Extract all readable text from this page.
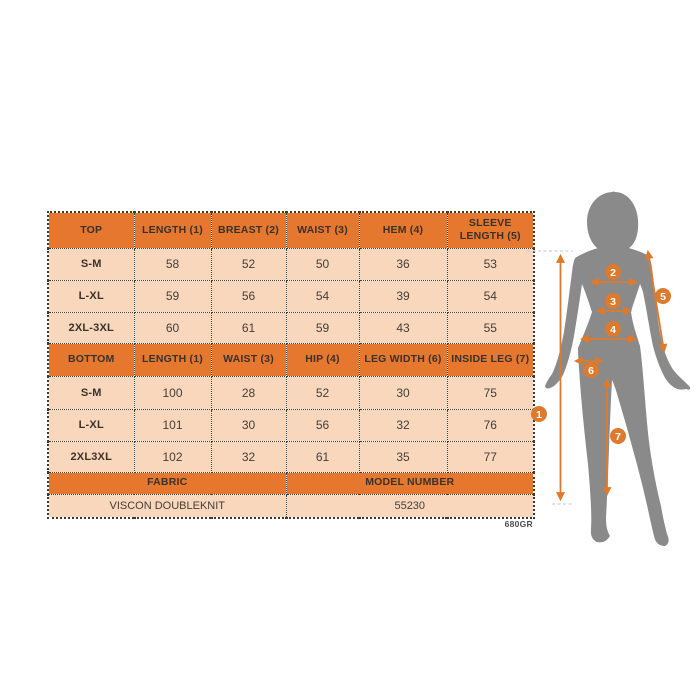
TOP	LENGTH (1)	BREAST (2)	WAIST (3)	HEM (4)	SLEEVE LENGTH (5)
S-M	58	52	50	36	53
L-XL	59	56	54	39	54
2XL-3XL	60	61	59	43	55
BOTTOM	LENGTH (1)	WAIST (3)	HIP (4)	LEG WIDTH (6)	INSIDE LEG (7)
S-M	100	28	52	30	75
L-XL	101	30	56	32	76
2XL3XL	102	32	61	35	77
FABRIC			MODEL NUMBER		
VISCON DOUBLEKNIT			55230		
680GR
1
2
3
4
5
6
7
